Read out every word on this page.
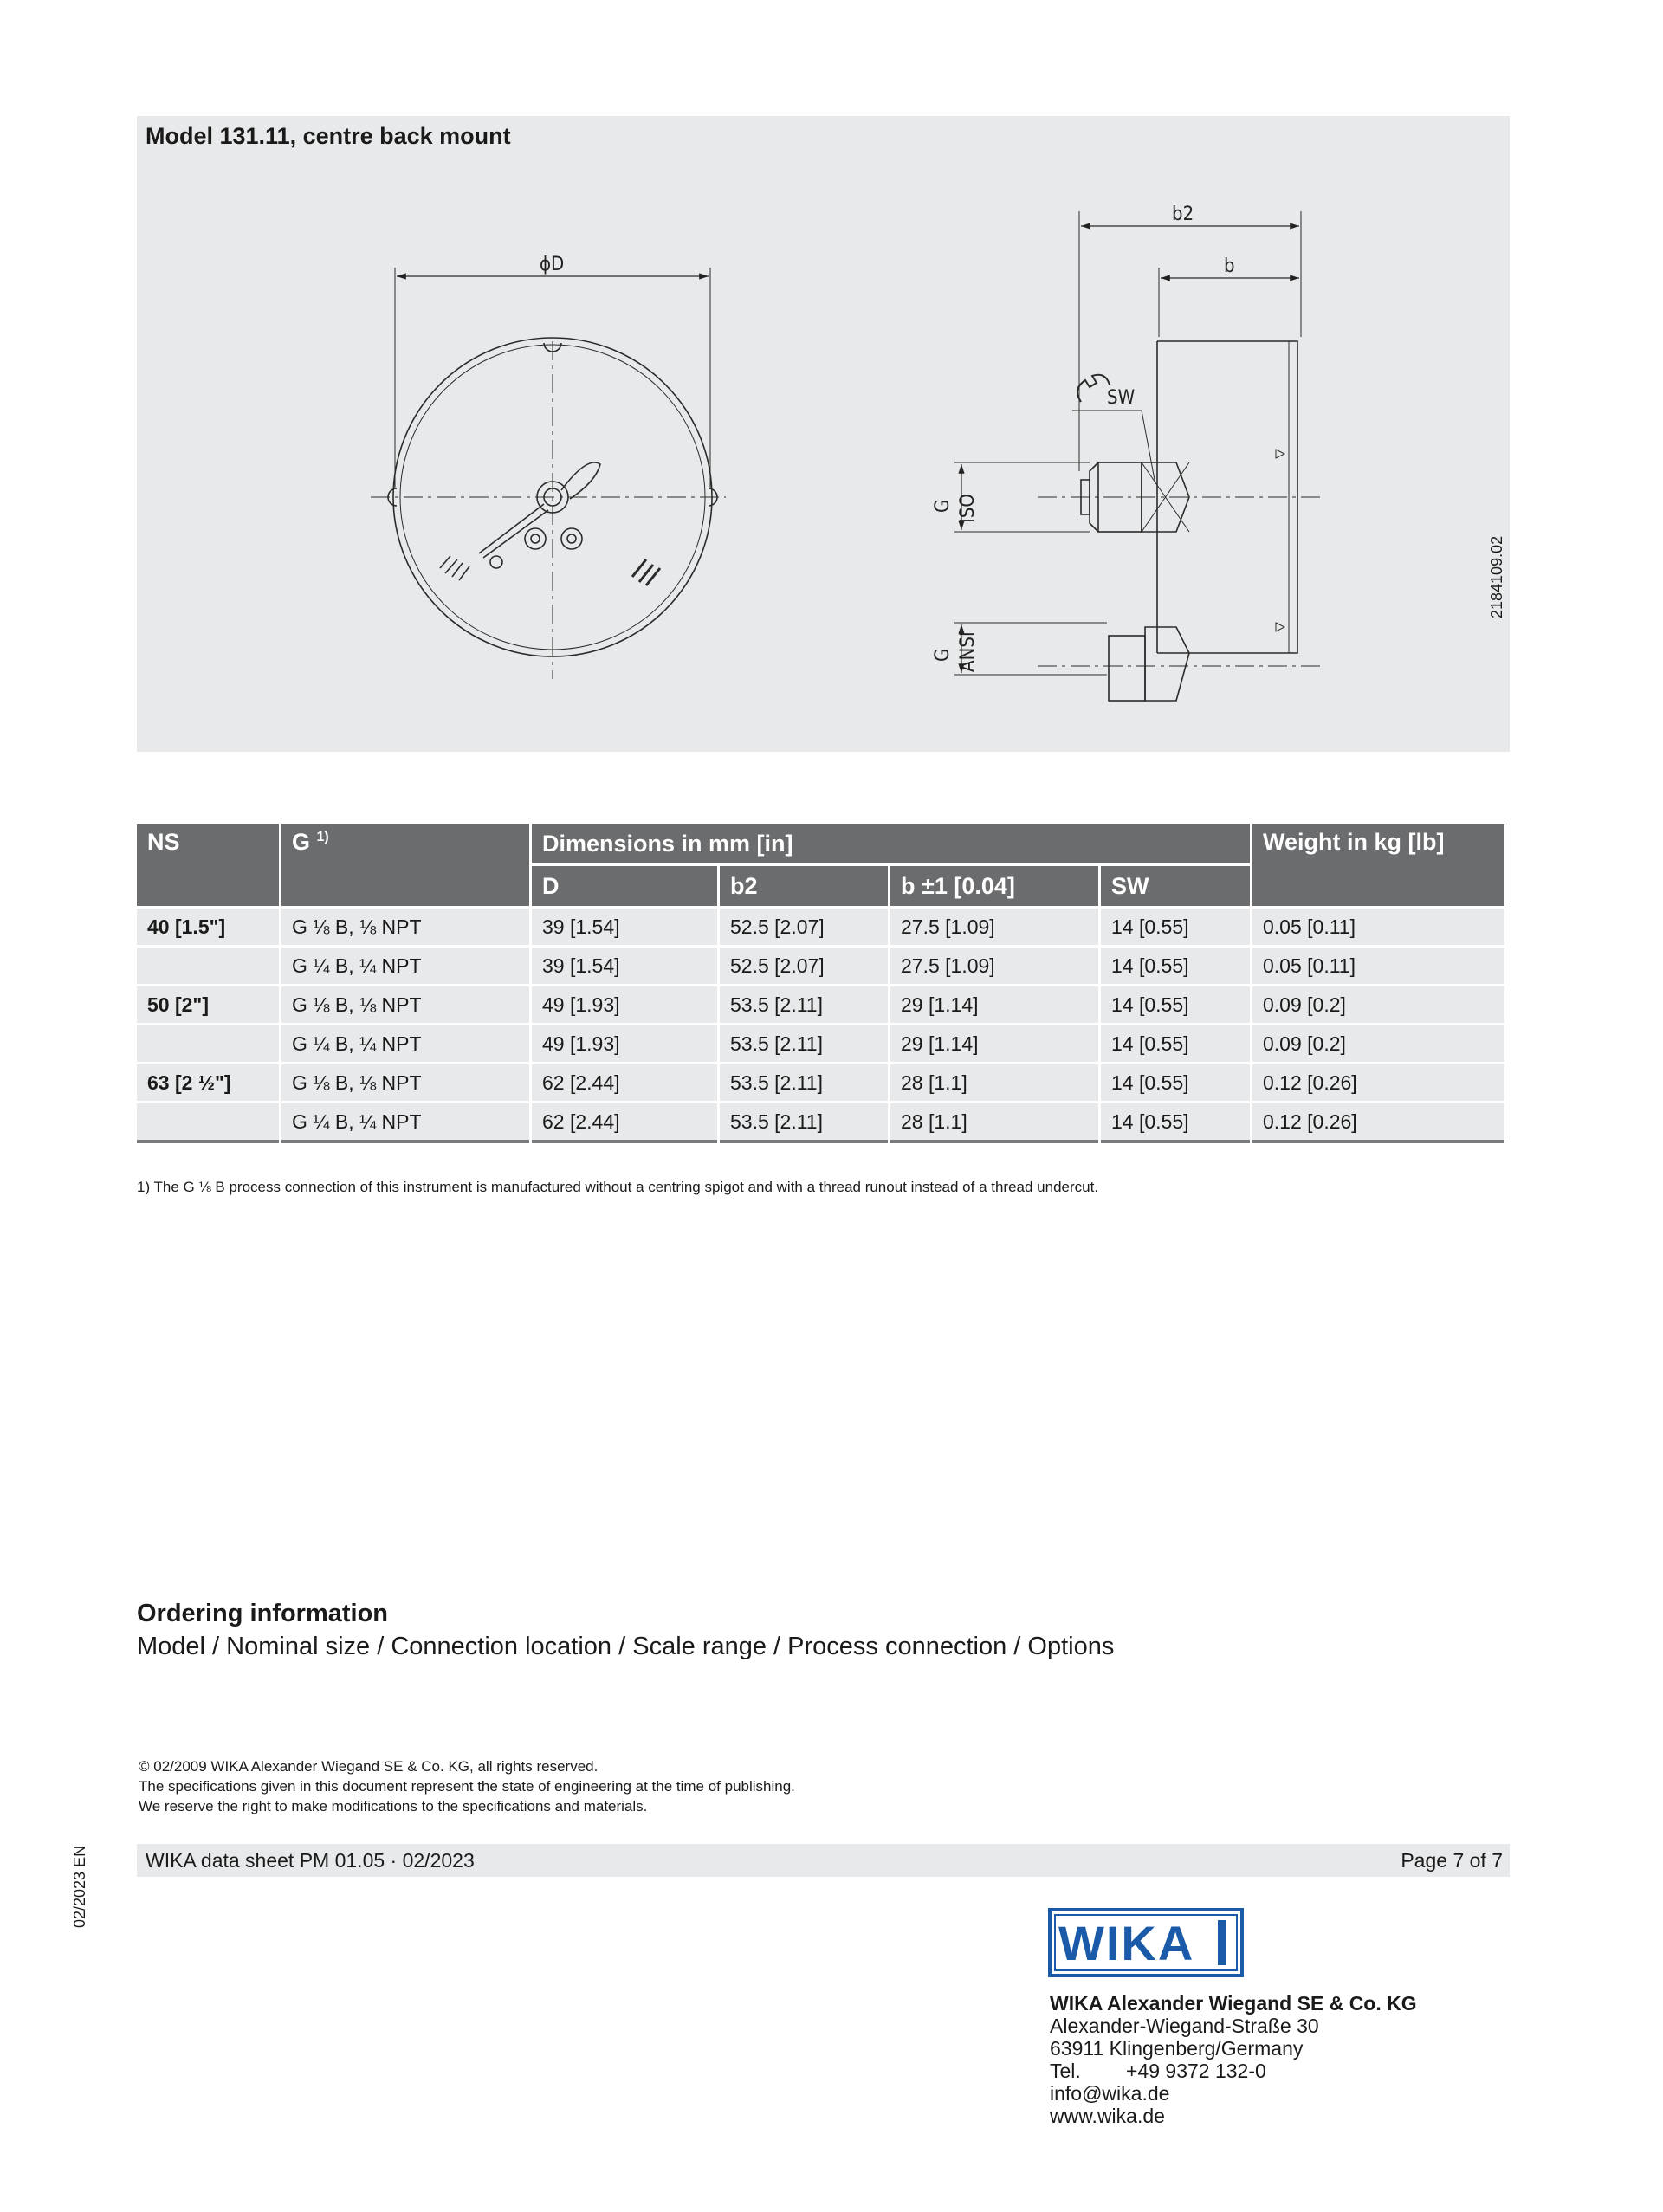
Model 131.11, centre back mount
ϕD
b2
b
SW
G ISO
G ANSI
2184109.02
NS	G $^{1)}$	Dimensions in mm [in]				Weight in kg [lb]
		D	b2	b ±1 [0.04]	SW	
40 [1.5"]	G ⅛ B, ⅛ NPT	39 [1.54]	52.5 [2.07]	27.5 [1.09]	14 [0.55]	0.05 [0.11]
	G ¼ B, ¼ NPT	39 [1.54]	52.5 [2.07]	27.5 [1.09]	14 [0.55]	0.05 [0.11]
50 [2"]	G ⅛ B, ⅛ NPT	49 [1.93]	53.5 [2.11]	29 [1.14]	14 [0.55]	0.09 [0.2]
	G ¼ B, ¼ NPT	49 [1.93]	53.5 [2.11]	29 [1.14]	14 [0.55]	0.09 [0.2]
63 [2 ½"]	G ⅛ B, ⅛ NPT	62 [2.44]	53.5 [2.11]	28 [1.1]	14 [0.55]	0.12 [0.26]
	G ¼ B, ¼ NPT	62 [2.44]	53.5 [2.11]	28 [1.1]	14 [0.55]	0.12 [0.26]
1) The G ⅛ B process connection of this instrument is manufactured without a centring spigot and with a thread runout instead of a thread undercut.
Ordering information
Model / Nominal size / Connection location / Scale range / Process connection / Options
© 02/2009 WIKA Alexander Wiegand SE & Co. KG, all rights reserved.
The specifications given in this document represent the state of engineering at the time of publishing.
We reserve the right to make modifications to the specifications and materials.
WIKA data sheet PM 01.05 · 02/2023	Page 7 of 7
02/2023 EN
WIKA
WIKA Alexander Wiegand SE & Co. KG
Alexander-Wiegand-Straße 30
63911 Klingenberg/Germany
Tel. +49 9372 132-0
info@wika.de
www.wika.de
